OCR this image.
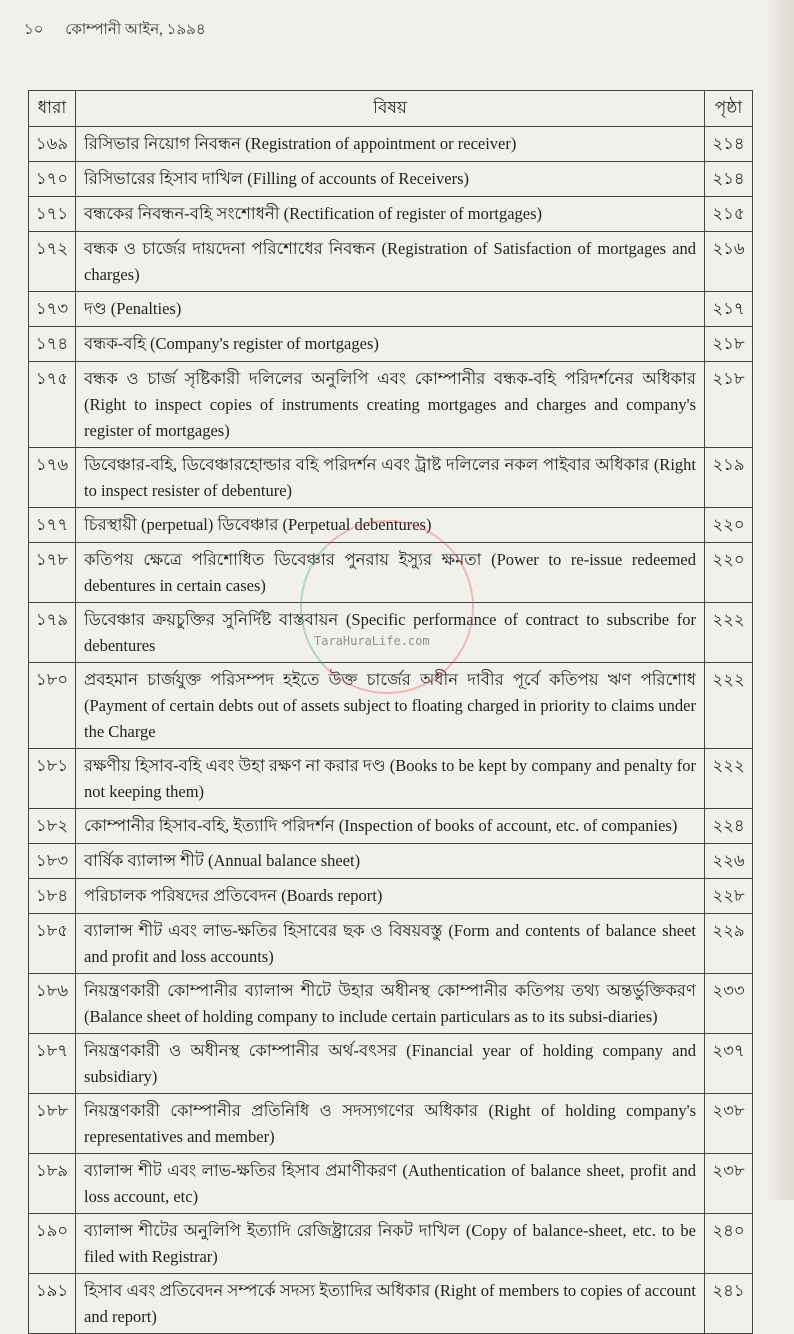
১০ কোম্পানী আইন, ১৯৯৪
ধারা	বিষয়	পৃষ্ঠা
১৬৯	রিসিভার নিয়োগ নিবন্ধন (Registration of appointment or receiver)	২১৪
১৭০	রিসিভারের হিসাব দাখিল (Filling of accounts of Receivers)	২১৪
১৭১	বন্ধকের নিবন্ধন-বহি সংশোধনী (Rectification of register of mortgages)	২১৫
১৭২	বন্ধক ও চার্জের দায়দেনা পরিশোধের নিবন্ধন (Registration of Satisfaction of mortgages and charges)	২১৬
১৭৩	দণ্ড (Penalties)	২১৭
১৭৪	বন্ধক-বহি (Company's register of mortgages)	২১৮
১৭৫	বন্ধক ও চার্জ সৃষ্টিকারী দলিলের অনুলিপি এবং কোম্পানীর বন্ধক-বহি পরিদর্শনের অধিকার (Right to inspect copies of instruments creating mortgages and charges and company's register of mortgages)	২১৮
১৭৬	ডিবেঞ্চার-বহি, ডিবেঞ্চারহোল্ডার বহি পরিদর্শন এবং ট্রাষ্ট দলিলের নকল পাইবার অধিকার (Right to inspect resister of debenture)	২১৯
১৭৭	চিরস্থায়ী (perpetual) ডিবেঞ্চার (Perpetual debentures)	২২০
১৭৮	কতিপয় ক্ষেত্রে পরিশোধিত ডিবেঞ্চার পুনরায় ইস্যুর ক্ষমতা (Power to re-issue redeemed debentures in certain cases)	২২০
১৭৯	ডিবেঞ্চার ক্রয়চুক্তির সুনির্দিষ্ট বাস্তবায়ন (Specific performance of contract to subscribe for debentures	২২২
১৮০	প্রবহমান চার্জযুক্ত পরিসম্পদ হইতে উক্ত চার্জের অধীন দাবীর পূর্বে কতিপয় ঋণ পরিশোধ (Payment of certain debts out of assets subject to floating charged in priority to claims under the Charge	২২২
১৮১	রক্ষণীয় হিসাব-বহি এবং উহা রক্ষণ না করার দণ্ড (Books to be kept by company and penalty for not keeping them)	২২২
১৮২	কোম্পানীর হিসাব-বহি, ইত্যাদি পরিদর্শন (Inspection of books of account, etc. of companies)	২২৪
১৮৩	বার্ষিক ব্যালান্স শীট (Annual balance sheet)	২২৬
১৮৪	পরিচালক পরিষদের প্রতিবেদন (Boards report)	২২৮
১৮৫	ব্যালান্স শীট এবং লাভ-ক্ষতির হিসাবের ছক ও বিষয়বস্তু (Form and contents of balance sheet and profit and loss accounts)	২২৯
১৮৬	নিয়ন্ত্রণকারী কোম্পানীর ব্যালান্স শীটে উহার অধীনস্থ কোম্পানীর কতিপয় তথ্য অন্তর্ভুক্তিকরণ (Balance sheet of holding company to include certain particulars as to its subsi-diaries)	২৩৩
১৮৭	নিয়ন্ত্রণকারী ও অধীনস্থ কোম্পানীর অর্থ-বৎসর (Financial year of holding company and subsidiary)	২৩৭
১৮৮	নিয়ন্ত্রণকারী কোম্পানীর প্রতিনিধি ও সদস্যগণের অধিকার (Right of holding company's representatives and member)	২৩৮
১৮৯	ব্যালান্স শীট এবং লাভ-ক্ষতির হিসাব প্রমাণীকরণ (Authentication of balance sheet, profit and loss account, etc)	২৩৮
১৯০	ব্যালান্স শীটের অনুলিপি ইত্যাদি রেজিষ্ট্রারের নিকট দাখিল (Copy of balance-sheet, etc. to be filed with Registrar)	২৪০
১৯১	হিসাব এবং প্রতিবেদন সম্পর্কে সদস্য ইত্যাদির অধিকার (Right of members to copies of account and report)	২৪১
TaraHuraLife.com
